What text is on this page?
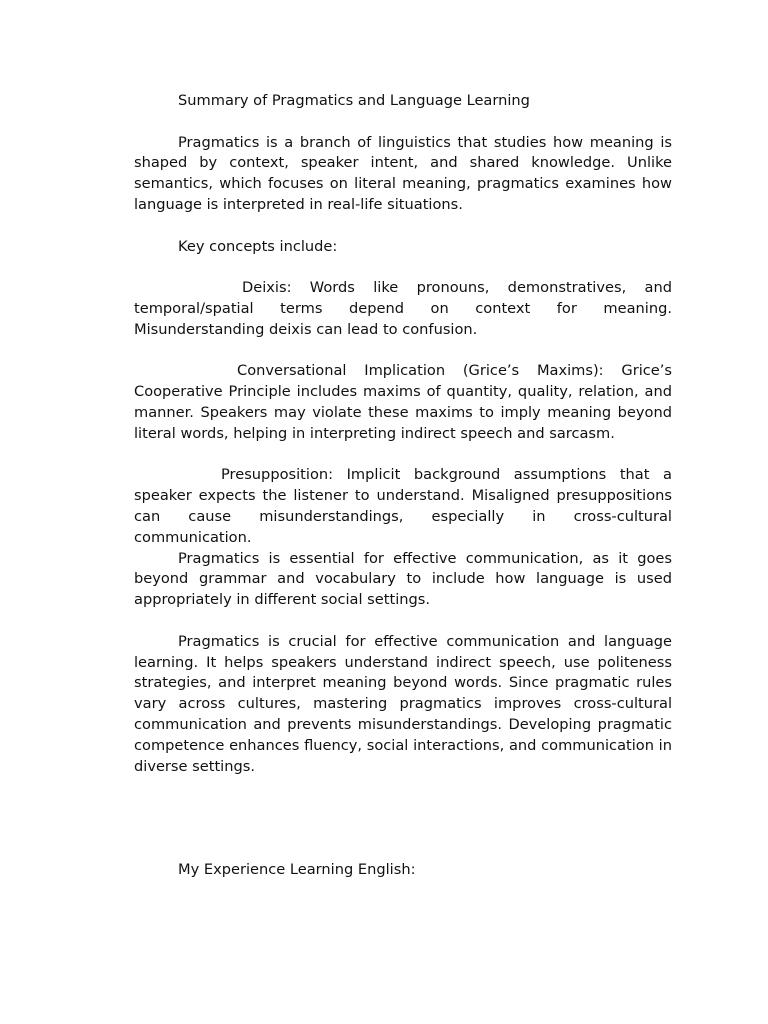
Summary of Pragmatics and Language Learning

Pragmatics is a branch of linguistics that studies how meaning is shaped by context, speaker intent, and shared knowledge. Unlike semantics, which focuses on literal meaning, pragmatics examines how language is interpreted in real-life situations.

Key concepts include:

Deixis: Words like pronouns, demonstratives, and temporal/spatial terms depend on context for meaning. Misunderstanding deixis can lead to confusion.

Conversational Implication (Grice’s Maxims): Grice’s Cooperative Principle includes maxims of quantity, quality, relation, and manner. Speakers may violate these maxims to imply meaning beyond literal words, helping in interpreting indirect speech and sarcasm.

Presupposition: Implicit background assumptions that a speaker expects the listener to understand. Misaligned presuppositions can cause misunderstandings, especially in cross-cultural communication.

Pragmatics is essential for effective communication, as it goes beyond grammar and vocabulary to include how language is used appropriately in different social settings.

Pragmatics is crucial for effective communication and language learning. It helps speakers understand indirect speech, use politeness strategies, and interpret meaning beyond words. Since pragmatic rules vary across cultures, mastering pragmatics improves cross-cultural communication and prevents misunderstandings. Developing pragmatic competence enhances fluency, social interactions, and communication in diverse settings.

My Experience Learning English:
